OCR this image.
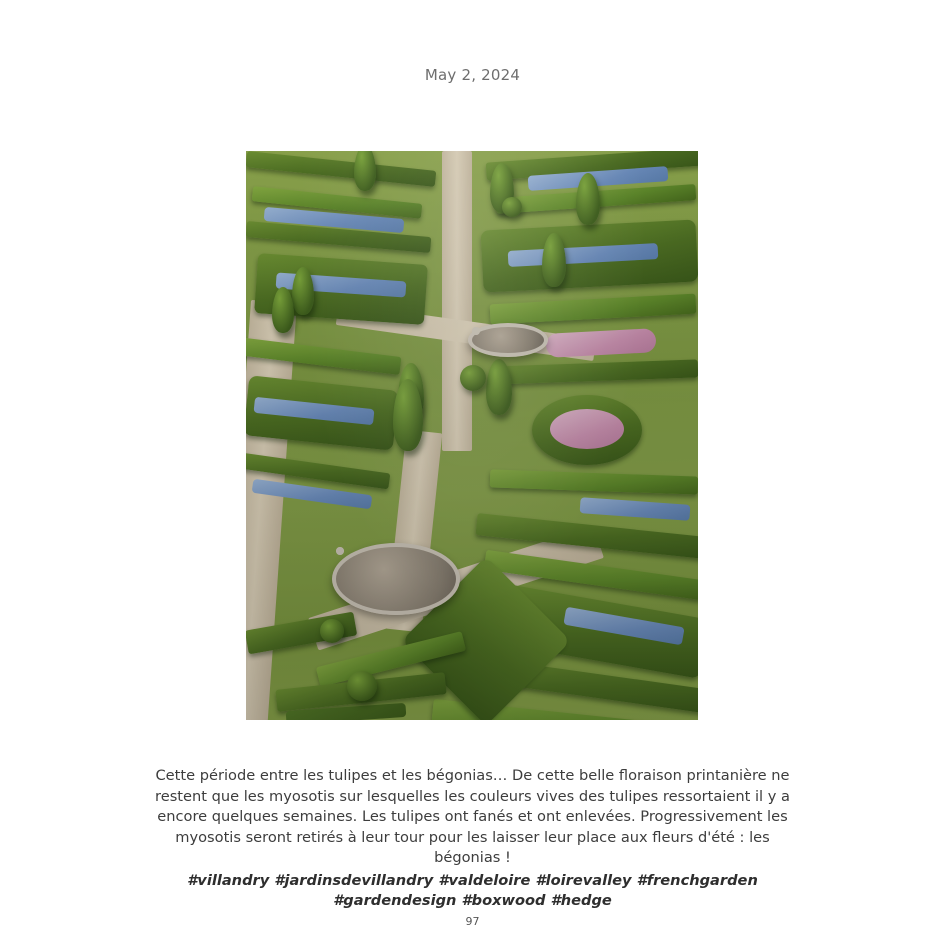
May 2, 2024
Cette période entre les tulipes et les bégonias… De cette belle floraison printanière ne restent que les myosotis sur lesquelles les couleurs vives des tulipes ressortaient il y a encore quelques semaines. Les tulipes ont fanés et ont enlevées. Progressivement les myosotis seront retirés à leur tour pour les laisser leur place aux fleurs d'été : les bégonias !
#villandry #jardinsdevillandry #valdeloire #loirevalley #frenchgarden #gardendesign #boxwood #hedge
97
